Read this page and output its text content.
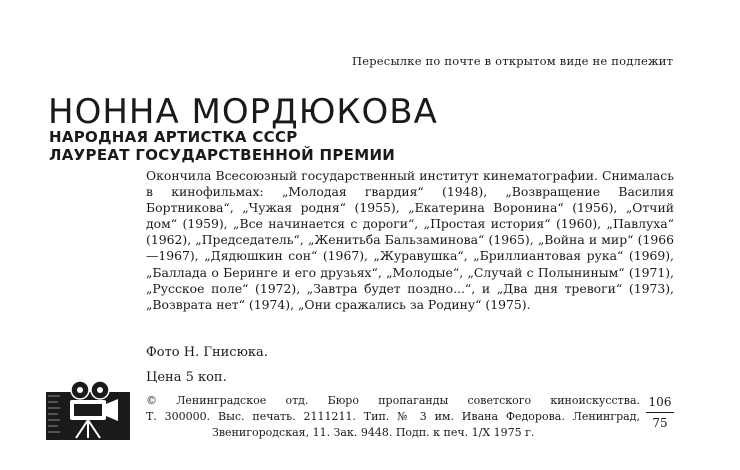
Пересылке по почте в открытом виде не подлежит
НОННА МОРДЮКОВА
НАРОДНАЯ АРТИСТКА СССР
ЛАУРЕАТ ГОСУДАРСТВЕННОЙ ПРЕМИИ
Окончила Всесоюзный государственный институт кинематографии. Снималась в кинофильмах: „Молодая гвардия“ (1948), „Возвращение Василия Бортникова“, „Чужая родня“ (1955), „Екатерина Воронина“ (1956), „Отчий дом“ (1959), „Все начинается с дороги“, „Простая история“ (1960), „Павлуха“ (1962), „Председатель“, „Женитьба Бальзаминова“ (1965), „Война и мир“ (1966—1967), „Дядюшкин сон“ (1967), „Журавушка“, „Бриллиантовая рука“ (1969), „Баллада о Беринге и его друзьях“, „Молодые“, „Случай с Полыниным“ (1971), „Русское поле“ (1972), „Завтра будет поздно...“, и „Два дня тревоги“ (1973), „Возврата нет“ (1974), „Они сражались за Родину“ (1975).
Фото Н. Гнисюка.
Цена 5 коп.
© Ленинградское отд. Бюро пропаганды советского киноискусства.
Т. 300000. Выс. печать. 2111211. Тип. № 3 им. Ивана Федорова. Ленинград,
Звенигородская, 11. Зак. 9448. Подп. к печ. 1/Х 1975 г.
106
75
